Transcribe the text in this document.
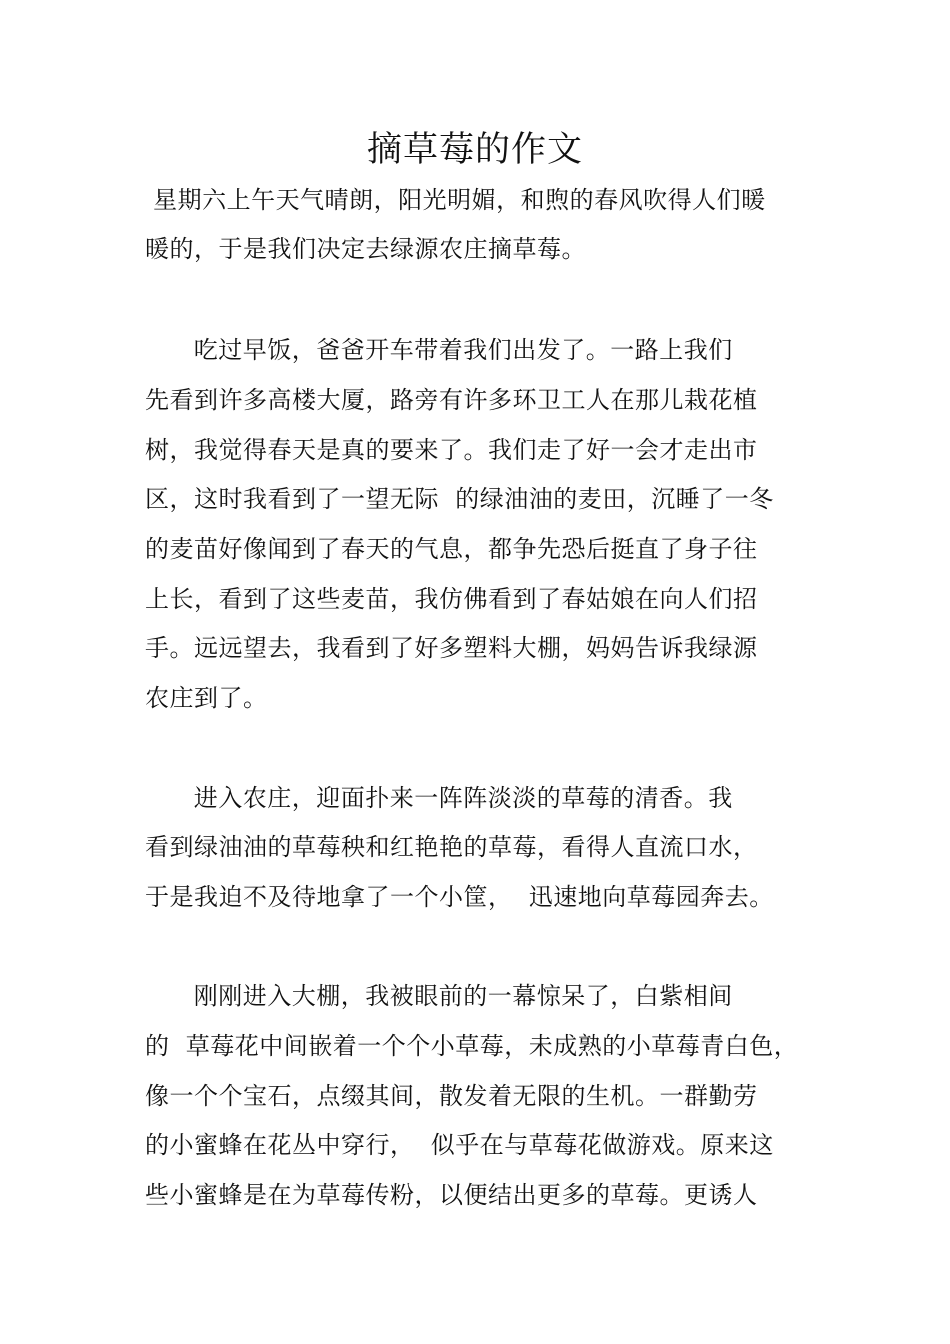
摘草莓的作文
星期六上午天气晴朗，阳光明媚，和煦的春风吹得人们暖
暖的，于是我们决定去绿源农庄摘草莓。
吃过早饭，爸爸开车带着我们出发了。一路上我们
先看到许多高楼大厦，路旁有许多环卫工人在那儿栽花植
树，我觉得春天是真的要来了。我们走了好一会才走出市
区，这时我看到了一望无际  的绿油油的麦田，沉睡了一冬
的麦苗好像闻到了春天的气息，都争先恐后挺直了身子往
上长，看到了这些麦苗，我仿佛看到了春姑娘在向人们招
手。远远望去，我看到了好多塑料大棚，妈妈告诉我绿源
农庄到了。
进入农庄，迎面扑来一阵阵淡淡的草莓的清香。我
看到绿油油的草莓秧和红艳艳的草莓，看得人直流口水，
于是我迫不及待地拿了一个小筐，  迅速地向草莓园奔去。
刚刚进入大棚，我被眼前的一幕惊呆了，白紫相间
的  草莓花中间嵌着一个个小草莓，未成熟的小草莓青白色，
像一个个宝石，点缀其间，散发着无限的生机。一群勤劳
的小蜜蜂在花丛中穿行，  似乎在与草莓花做游戏。原来这
些小蜜蜂是在为草莓传粉，以便结出更多的草莓。更诱人
